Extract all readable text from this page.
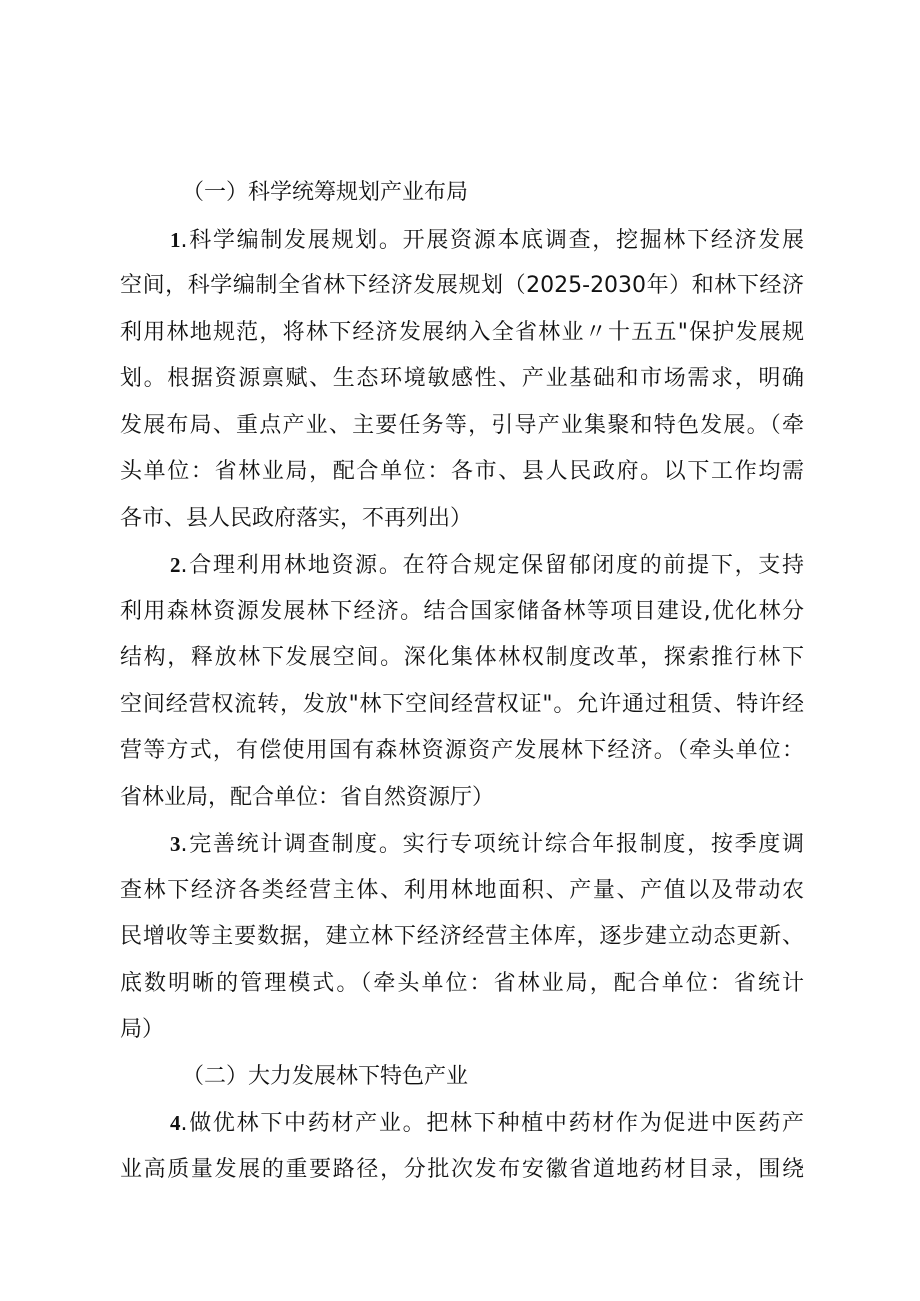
（一）科学统筹规划产业布局
1.科学编制发展规划。开展资源本底调查，挖掘林下经济发展
空间，科学编制全省林下经济发展规划（2025-2030年）和林下经济
利用林地规范，将林下经济发展纳入全省林业〃十五五"保护发展规
划。根据资源禀赋、生态环境敏感性、产业基础和市场需求，明确
发展布局、重点产业、主要任务等，引导产业集聚和特色发展。（牵
头单位：省林业局，配合单位：各市、县人民政府。以下工作均需
各市、县人民政府落实，不再列出）
2.合理利用林地资源。在符合规定保留郁闭度的前提下，支持
利用森林资源发展林下经济。结合国家储备林等项目建设,优化林分
结构，释放林下发展空间。深化集体林权制度改革，探索推行林下
空间经营权流转，发放"林下空间经营权证"。允许通过租赁、特许经
营等方式，有偿使用国有森林资源资产发展林下经济。（牵头单位：
省林业局，配合单位：省自然资源厅）
3.完善统计调查制度。实行专项统计综合年报制度，按季度调
查林下经济各类经营主体、利用林地面积、产量、产值以及带动农
民增收等主要数据，建立林下经济经营主体库，逐步建立动态更新、
底数明晰的管理模式。（牵头单位：省林业局，配合单位：省统计
局）
（二）大力发展林下特色产业
4.做优林下中药材产业。把林下种植中药材作为促进中医药产
业高质量发展的重要路径，分批次发布安徽省道地药材目录，围绕
